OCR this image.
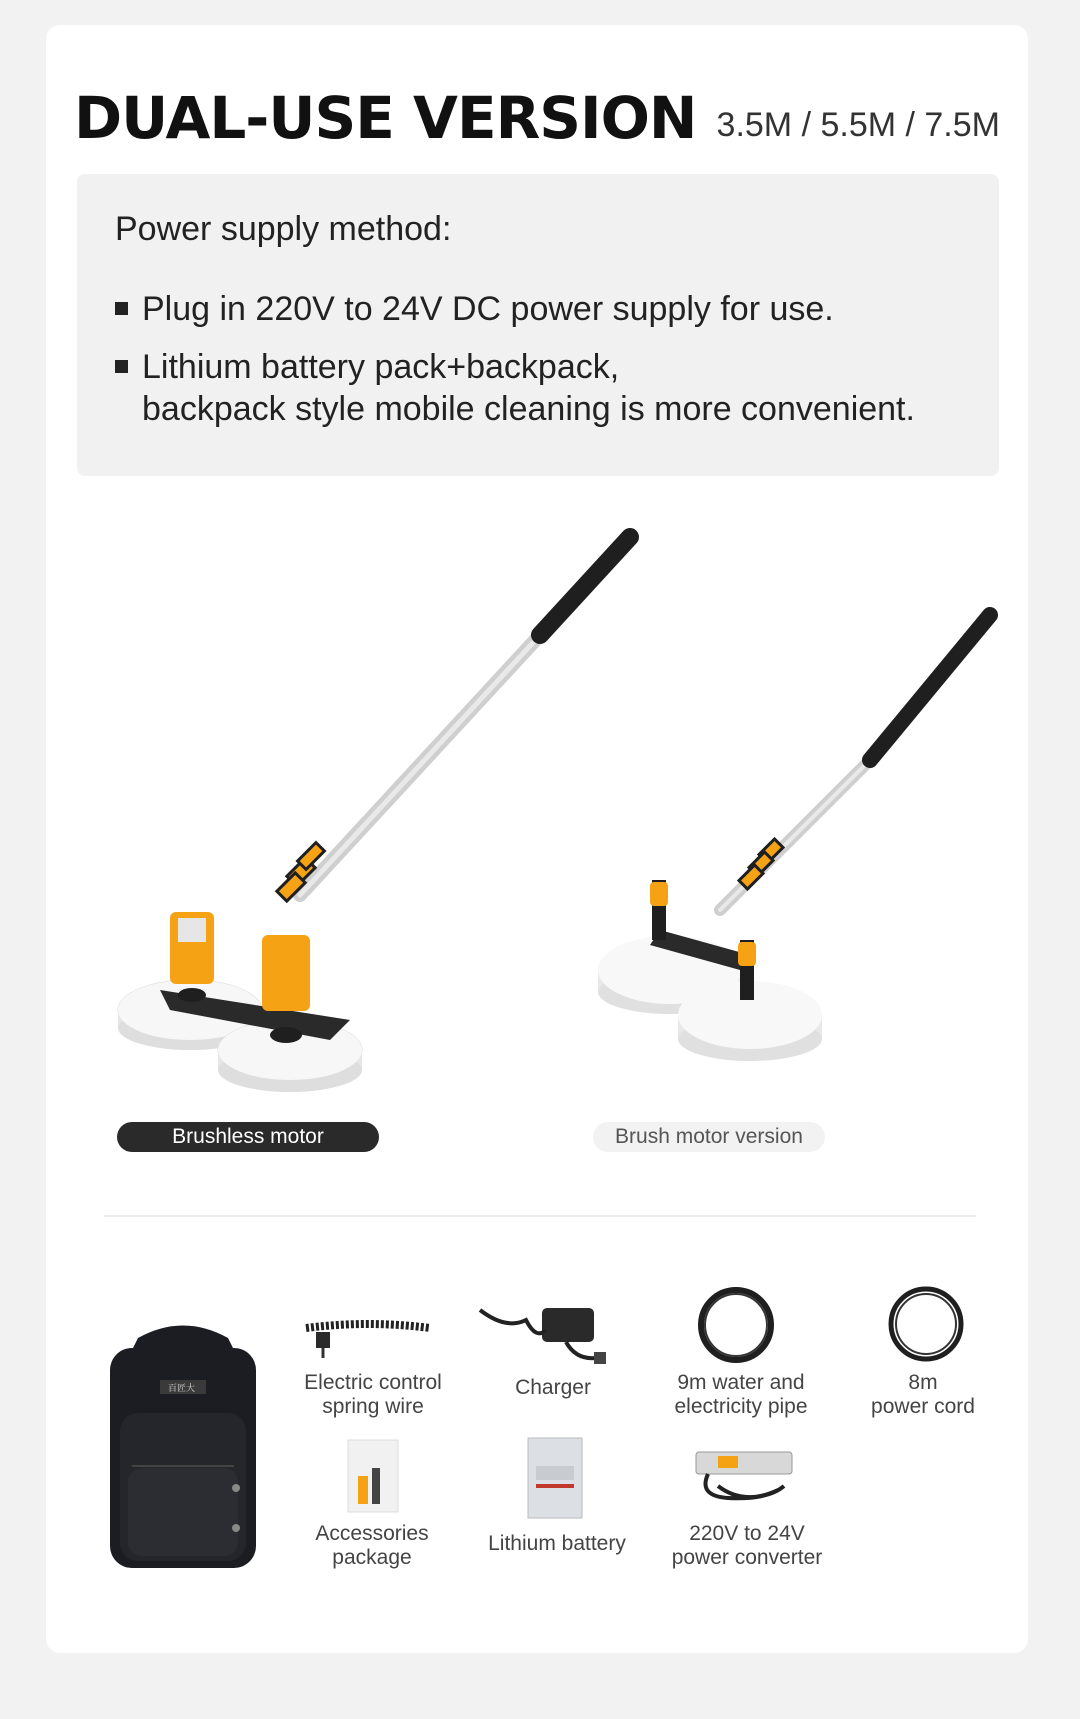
DUAL-USE VERSION 3.5M / 5.5M / 7.5M
Power supply method:
Plug in 220V to 24V DC power supply for use.
Lithium battery pack+backpack,
backpack style mobile cleaning is more convenient.
Brushless motor version
Brush motor version
百匠大	Electric control
spring wire
Charger	9m water and
electricity pipe
8m
power cord
Accessories
package
Lithium battery	220V to 24V
power converter
